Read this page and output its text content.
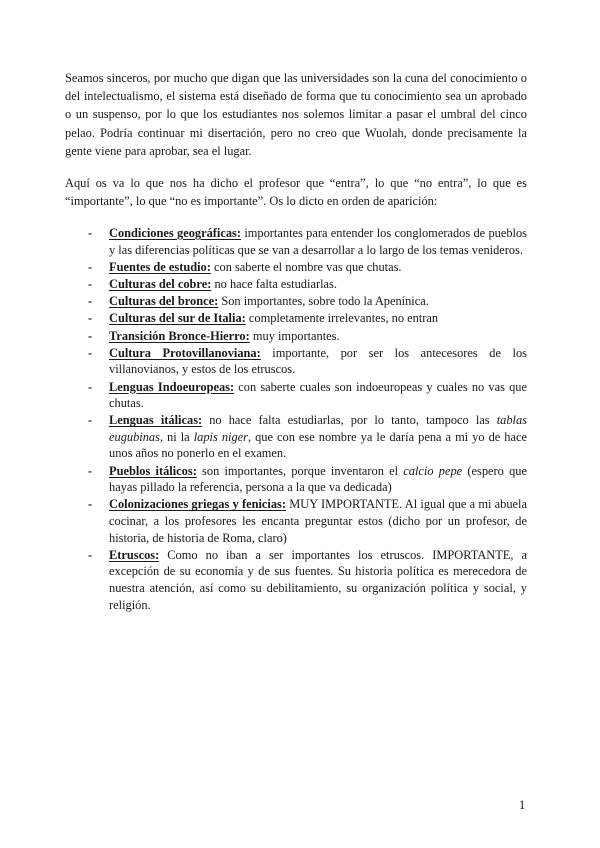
Seamos sinceros, por mucho que digan que las universidades son la cuna del conocimiento o del intelectualismo, el sistema está diseñado de forma que tu conocimiento sea un aprobado o un suspenso, por lo que los estudiantes nos solemos limitar a pasar el umbral del cinco pelao. Podría continuar mi disertación, pero no creo que Wuolah, donde precisamente la gente viene para aprobar, sea el lugar.

Aquí os va lo que nos ha dicho el profesor que “entra”, lo que “no entra”, lo que es “importante”, lo que “no es importante”. Os lo dicto en orden de aparición:

- Condiciones geográficas: importantes para entender los conglomerados de pueblos y las diferencias políticas que se van a desarrollar a lo largo de los temas venideros.
- Fuentes de estudio: con saberte el nombre vas que chutas.
- Culturas del cobre: no hace falta estudiarlas.
- Culturas del bronce: Son importantes, sobre todo la Apenínica.
- Culturas del sur de Italia: completamente irrelevantes, no entran
- Transición Bronce-Hierro: muy importantes.
- Cultura Protovillanoviana: importante, por ser los antecesores de los villanovianos, y estos de los etruscos.
- Lenguas Indoeuropeas: con saberte cuales son indoeuropeas y cuales no vas que chutas.
- Lenguas itálicas: no hace falta estudiarlas, por lo tanto, tampoco las tablas eugubinas, ni la lapis niger, que con ese nombre ya le daría pena a mi yo de hace unos años no ponerlo en el examen.
- Pueblos itálicos: son importantes, porque inventaron el calcio pepe (espero que hayas pillado la referencia, persona a la que va dedicada)
- Colonizaciones griegas y fenicias: MUY IMPORTANTE. Al igual que a mi abuela cocinar, a los profesores les encanta preguntar estos (dicho por un profesor, de historia, de historia de Roma, claro)
- Etruscos: Como no iban a ser importantes los etruscos. IMPORTANTE, a excepción de su economía y de sus fuentes. Su historia política es merecedora de nuestra atención, así como su debilitamiento, su organización política y social, y religión.
1
